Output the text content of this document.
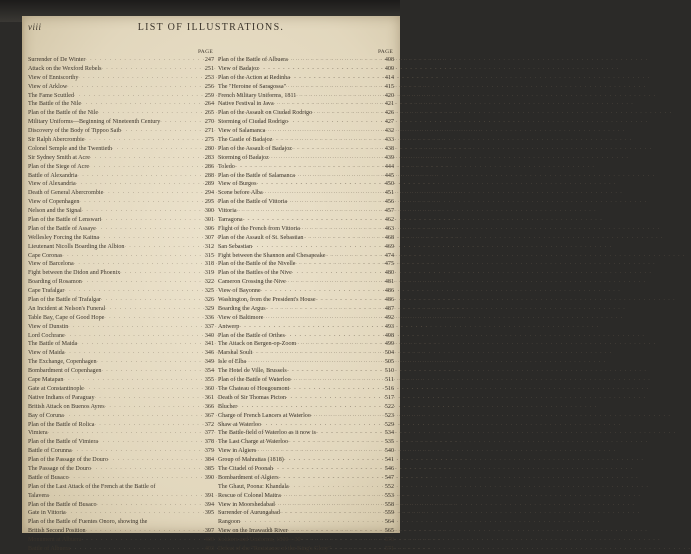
viii	LIST OF ILLUSTRATIONS.
PAGE
Surrender of De Winter . . .	247
Attack on the Wexford Rebels . . .	251
View of Enniscorthy . . .	253
View of Arklow . . .	256
The Fame Scuttled . . .	259
The Battle of the Nile . . .	264
Plan of the Battle of the Nile . . .	265
Military Uniforms—Beginning of Nineteenth Century . . .	270
Discovery of the Body of Tippoo Saib . . .	271
Sir Ralph Abercrombie . . .	275
Colonel Semple and the Twentieth . . .	280
Sir Sydney Smith at Acre . . .	283
Plan of the Siege of Acre . . .	286
Battle of Alexandria . . .	288
View of Alexandria . . .	289
Death of General Abercrombie . . .	294
View of Copenhagen . . .	295
Nelson and the Signal . . .	300
Plan of the Battle of Lenswari . . .	301
Plan of the Battle of Assaye . . .	306
Wellesley Forcing the Kaitna . . .	307
Lieutenant Nicolls Boarding the Albion . . .	312
Cape Coronas . . .	315
View of Barcelona . . .	318
Fight between the Didon and Phoenix . . .	319
Boarding of Rosamon . . .	322
Cape Trafalgar . . .	325
Plan of the Battle of Trafalgar . . .	326
An Incident at Nelson's Funeral . . .	329
Table Bay, Cape of Good Hope . . .	336
View of Dunstin . . .	337
Lord Cochrane . . .	340
The Battle of Maida . . .	341
View of Maida . . .	346
The Exchange, Copenhagen . . .	349
Bombardment of Copenhagen . . .	354
Cape Matapan . . .	355
Gate at Constantinople . . .	360
Native Indians of Paraguay . . .	361
British Attack on Buenos Ayres . . .	366
Bay of Coruna . . .	367
Plan of the Battle of Rolica . . .	372
Vimiera . . .	377
Plan of the Battle of Vimiera . . .	378
Battle of Corunna . . .	379
Plan of the Passage of the Douro . . .	384
The Passage of the Douro . . .	385
Battle of Busaco . . .	390
Plan of the Last Attack of the French at the Battle of
Talavera . . .	391
Plan of the Battle of Busaco . . .	394
Gate in Vittoria . . .	395
Plan of the Battle of Fuentes Onoro, showing the
British Second Position . . .	397
Monument at Albuera . . .	400
Battle of Albuera . . .	403
PAGE
Plan of the Battle of Albuera . . .	408
View of Badajoz . . .	409
Plan of the Action at Redinha . . .	414
The "Heroine of Saragossa" . . .	415
French Military Uniforms, 1811 . . .	420
Native Festival in Java . . .	421
Plan of the Assault on Ciudad Rodrigo . . .	426
Storming of Ciudad Rodrigo . . .	427
View of Salamanca . . .	432
The Castle of Badajoz . . .	433
Plan of the Assault of Badajoz . . .	438
Storming of Badajoz . . .	439
Toledo . . .	444
Plan of the Battle of Salamanca . . .	445
View of Burgos . . .	450
Scene before Alba . . .	451
Plan of the Battle of Vittoria . . .	456
Vittoria . . .	457
Tarragona . . .	462
Flight of the French from Vittoria . . .	463
Plan of the Assault of St. Sebastian . . .	468
San Sebastian . . .	469
Fight between the Shannon and Chesapeake . . .	474
Plan of the Battle of the Nivelle . . .	475
Plan of the Battles of the Nive . . .	480
Cameron Crossing the Nive . . .	481
View of Bayonne . . .	486
Washington, from the President's House . . .	486
Boarding the Argus . . .	487
View of Baltimore . . .	492
Antwerp . . .	493
Plan of the Battle of Orthes . . .	498
The Attack on Bergen-op-Zoom . . .	499
Marshal Soult . . .	504
Isle of Elba . . .	505
The Hotel de Ville, Brussels . . .	510
Plan of the Battle of Waterloo . . .	511
The Chateau of Hougoumont . . .	516
Death of Sir Thomas Picton . . .	517
Blucher . . .	522
Charge of French Lancers at Waterloo . . .	523
Shaw at Waterloo . . .	529
The Battle-field of Waterloo as it now is . . .	534
The Last Charge at Waterloo . . .	535
View in Algiers . . .	540
Group of Mahrattas (1818) . . .	541
The Citadel of Poonah . . .	546
Bombardment of Algiers . . .	547
The Ghaut, Poona: Khandala . . .	552
Rescue of Colonel Maitra . . .	553
View in Moorshedabad . . .	558
Surrender of Aurungabad . . .	559
Rangoon . . .	564
View on the Irrawaddi River . . .	565
Soldiers and Uniforms, 1800—30 . . .	570
Defeat of the "Resistance of the King's Glory" . . .	571
